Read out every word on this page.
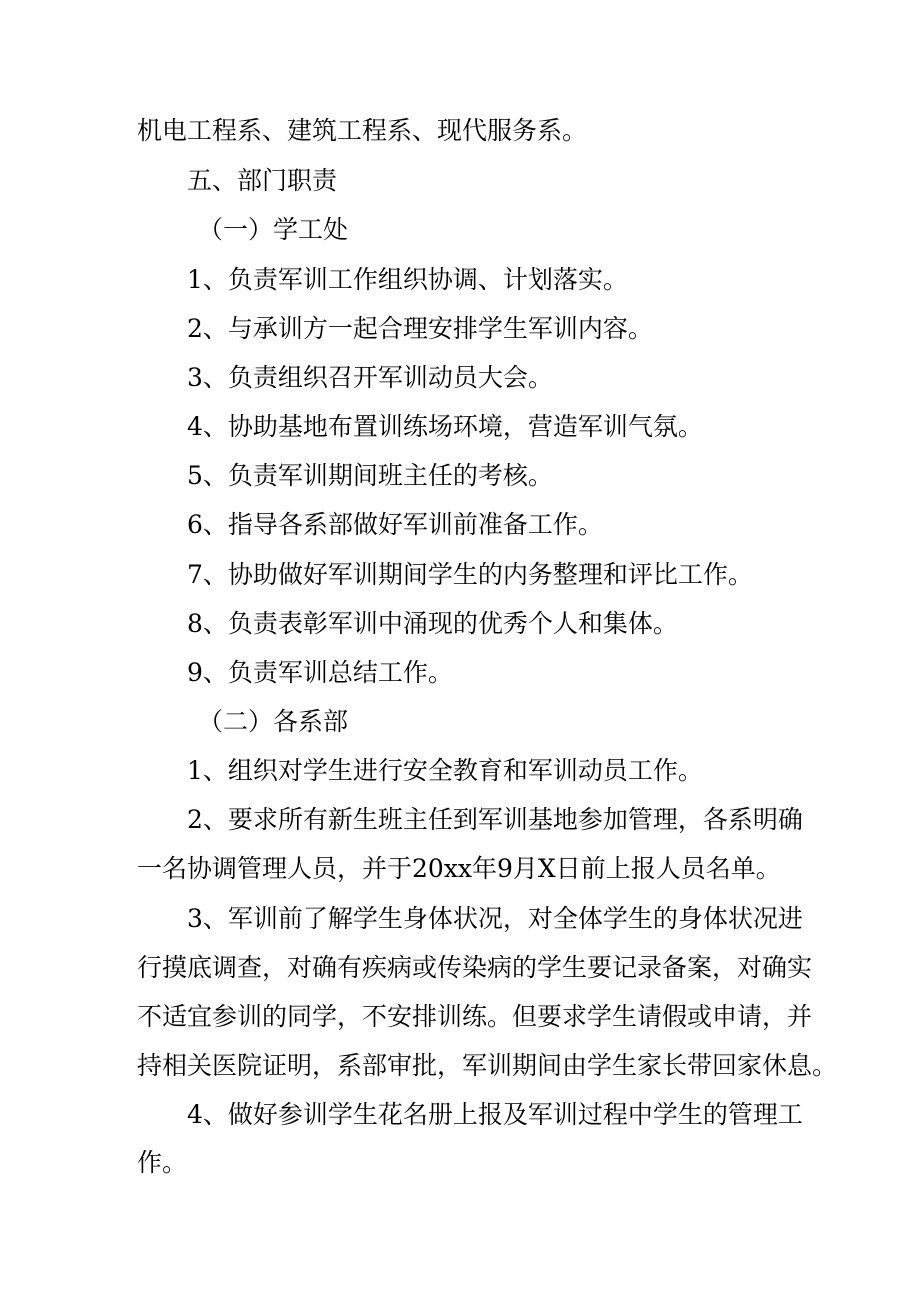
机电工程系、建筑工程系、现代服务系。

五、部门职责

（一）学工处

1、负责军训工作组织协调、计划落实。

2、与承训方一起合理安排学生军训内容。

3、负责组织召开军训动员大会。

4、协助基地布置训练场环境，营造军训气氛。

5、负责军训期间班主任的考核。

6、指导各系部做好军训前准备工作。

7、协助做好军训期间学生的内务整理和评比工作。

8、负责表彰军训中涌现的优秀个人和集体。

9、负责军训总结工作。

（二）各系部

1、组织对学生进行安全教育和军训动员工作。

2、要求所有新生班主任到军训基地参加管理，各系明确

一名协调管理人员，并于20xx年9月X日前上报人员名单。

3、军训前了解学生身体状况，对全体学生的身体状况进

行摸底调查，对确有疾病或传染病的学生要记录备案，对确实

不适宜参训的同学，不安排训练。但要求学生请假或申请，并

持相关医院证明，系部审批，军训期间由学生家长带回家休息。

4、做好参训学生花名册上报及军训过程中学生的管理工

作。
